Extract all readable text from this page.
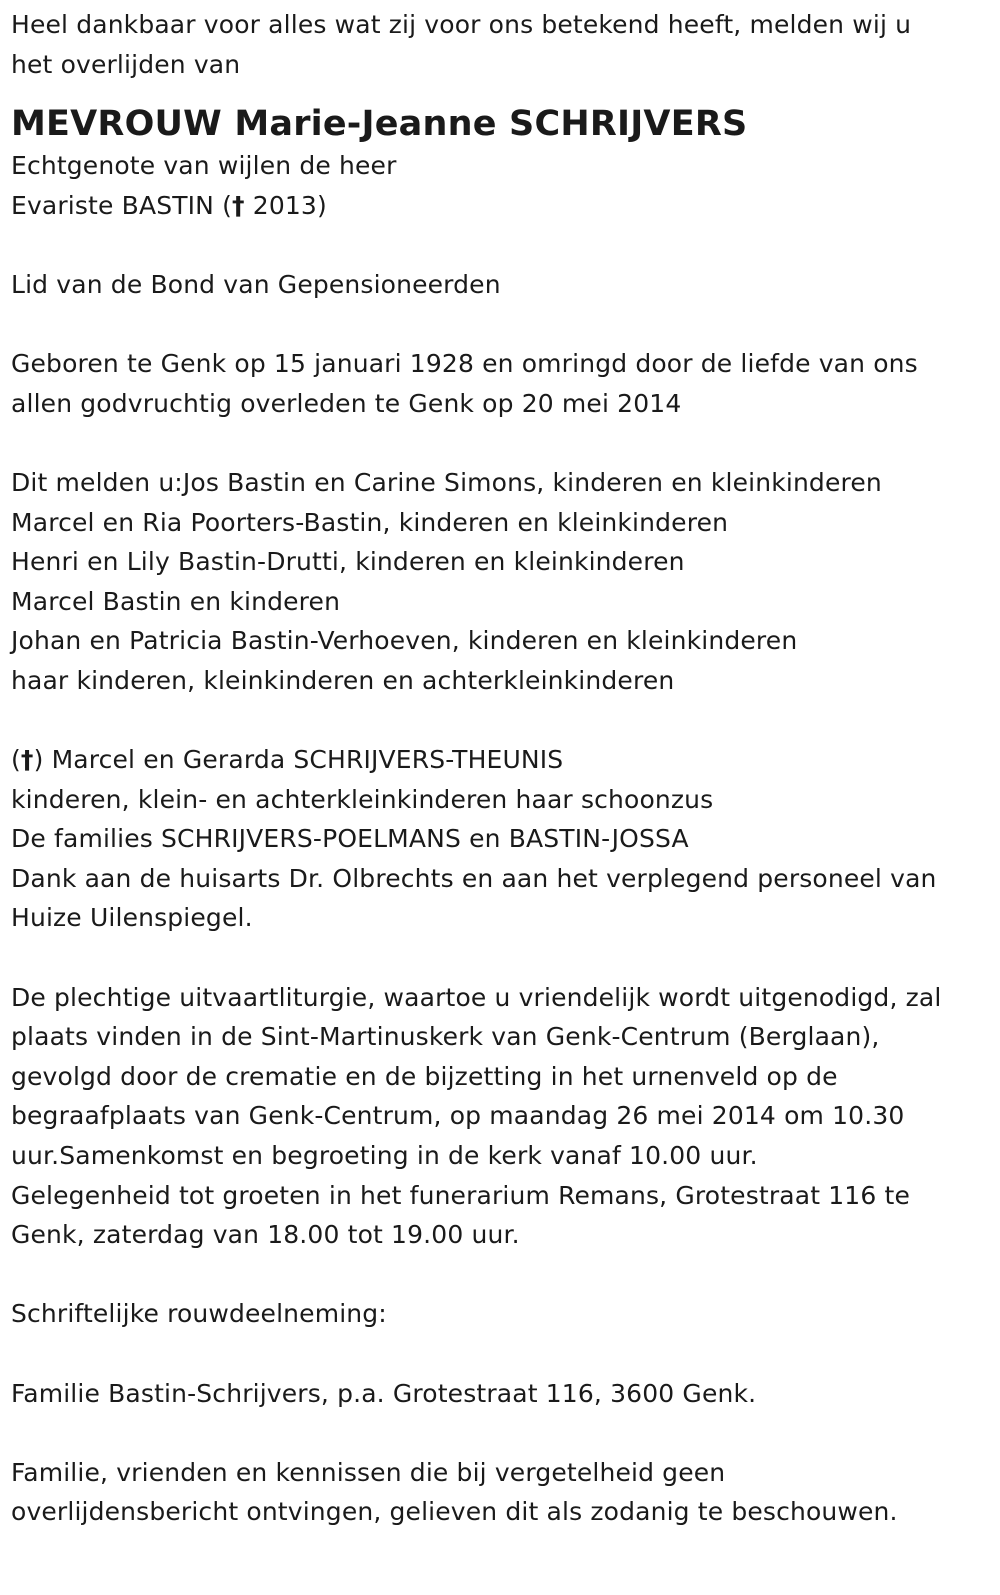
Heel dankbaar voor alles wat zij voor ons betekend heeft, melden wij u
het overlijden van
MEVROUW Marie-Jeanne SCHRIJVERS
Echtgenote van wijlen de heer
Evariste BASTIN († 2013)
Lid van de Bond van Gepensioneerden
Geboren te Genk op 15 januari 1928 en omringd door de liefde van ons
allen godvruchtig overleden te Genk op 20 mei 2014
Dit melden u:Jos Bastin en Carine Simons, kinderen en kleinkinderen
Marcel en Ria Poorters-Bastin, kinderen en kleinkinderen
Henri en Lily Bastin-Drutti, kinderen en kleinkinderen
Marcel Bastin en kinderen
Johan en Patricia Bastin-Verhoeven, kinderen en kleinkinderen
haar kinderen, kleinkinderen en achterkleinkinderen
(†) Marcel en Gerarda SCHRIJVERS-THEUNIS
kinderen, klein- en achterkleinkinderen haar schoonzus
De families SCHRIJVERS-POELMANS en BASTIN-JOSSA
Dank aan de huisarts Dr. Olbrechts en aan het verplegend personeel van
Huize Uilenspiegel.
De plechtige uitvaartliturgie, waartoe u vriendelijk wordt uitgenodigd, zal
plaats vinden in de Sint-Martinuskerk van Genk-Centrum (Berglaan),
gevolgd door de crematie en de bijzetting in het urnenveld op de
begraafplaats van Genk-Centrum, op maandag 26 mei 2014 om 10.30
uur.Samenkomst en begroeting in de kerk vanaf 10.00 uur.
Gelegenheid tot groeten in het funerarium Remans, Grotestraat 116 te
Genk, zaterdag van 18.00 tot 19.00 uur.
Schriftelijke rouwdeelneming:
Familie Bastin-Schrijvers, p.a. Grotestraat 116, 3600 Genk.
Familie, vrienden en kennissen die bij vergetelheid geen
overlijdensbericht ontvingen, gelieven dit als zodanig te beschouwen.
